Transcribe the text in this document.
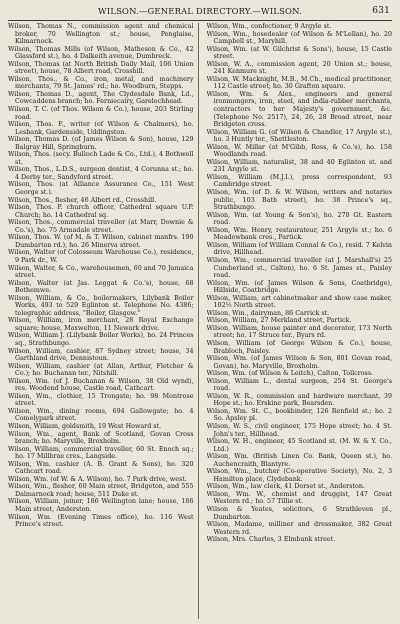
WILSON.—GENERAL DIRECTORY.—WILSON.	631
Wilson, Thomas N., commission agent and chemical broker, 70 Wellington st.; house, Penglaise, Kilmarnock.
Wilson, Thomas Mills (of Wilson, Matheson & Co., 42 Glassford st.), ho. 4 Dalkeith avenue, Dumbreck.
Wilson, Thomas (at North British Daily Mail, 106 Union street), house, 78 Albert road, Crosshill.
Wilson, Thos., & Co., iron, metal, and machinery merchants, 79 St. James' rd.; ho. Woodburn, Stepps.
Wilson, Thomas D., agent, The Clydesdale Bank, Ld., Cowcaddens branch; ho. Ferniecairy, Garelochhead.
Wilson, T. C. (of Thos. Wilson & Co.), house, 203 Stirling road.
Wilson, Thos. F., writer (of Wilson & Chalmers), ho. Lesbank, Gardenside, Uddingston.
Wilson, Thomas D. (of James Wilson & Son), house, 129 Balgray Hill, Springburn.
Wilson, Thos. (secy. Bulloch Lade & Co., Ltd.), 4 Bothwell st.
Wilson, Thos., L.D.S., surgeon dentist, 4 Corunna st.; ho. 4 Derby ter., Sandyford street.
Wilson, Thos. (at Alliance Assurance Co., 151 West George st.).
Wilson, Thos., flesher, 46 Albert rd., Crosshill.
Wilson, Thos. P. church officer, Cathedral square U.P. Church; ho. 14 Cathedral sq.
Wilson, Thos., commercial traveller (at Marr, Downie & Co.'s), ho. 75 Armadale street.
Wilson, Thos. W. (of M. & T. Wilson, cabinet manfrs. 190 Dumbarton rd.), ho. 26 Minerva street.
Wilson, Walter (of Colosseum Warehouse Co.), residence, 9 Park dr., W.
Wilson, Walter, & Co., warehousemen, 60 and 70 Jamaica street.
Wilson, Walter (at Jas. Leggat & Co.'s), house, 68 Bothemwe.
Wilson, William, & Co., boilermakers, Lilybank Boiler Works, 493 to 529 Eglinton st. Telephone No. 4386; telegraphic address, "Boiler, Glasgow."
Wilson, William, iron merchant, 28 Royal Exchange square; house, Maxwelton, 11 Newark drive.
Wilson, William J. (Lilybank Boiler Works), ho. 24 Princes sq., Strathbungo.
Wilson, William, cashier, 87 Sydney street; house, 34 Garthland drive, Dennistoun.
Wilson, William, cashier (at Allan, Arthur, Fletcher & Co.); ho. Buchanan ter., Nitshill.
Wilson, Wm. (of J. Buchanan & Wilson, 38 Old wynd), res. Woodend house, Castle road, Cathcart.
Wilson, Wm., clothier, 15 Trongate; ho. 98 Montrose street.
Wilson, Wm., dining rooms, 694 Gallowgate; ho. 4 Comelypark street.
Wilson, William, goldsmith, 19 West Howard st.
Wilson, Wm., agent, Bank of Scotland, Govan Cross branch; ho. Maryville, Broxholm.
Wilson, William, commercial traveller, 60 St. Enoch sq.; ho. 17 Millbrae cres., Langside.
Wilson, Wm. cashier (A. B. Grant & Sons), ho. 320 Cathcart road.
Wilson, Wm. (of W. & A. Wilson), ho. 7 Park drive, west.
Wilson, Wm., flesher, 60 Main street, Bridgeton, and 555 Dalmarnock road; house, 511 Duke st.
Wilson, William, joiner, 186 Wellington lane; house, 186 Main street, Anderston.
Wilson, Wm. (Evening Times office), ho. 116 West Prince's street.
Wilson, Wm., confectioner, 9 Argyle st.
Wilson, Wm., hosedealer (of Wilson & M'Lellan), ho. 20 Campbell st., Maryhill.
Wilson, Wm. (at W. Gilchrist & Sons'), house, 15 Castle street.
Wilson, W. A., commission agent, 20 Union st.; house, 241 Kenmure st.
Wilson, W. Macknight, M.B., M.Ch., medical practitioner, 112 Castle street; ho. 30 Grafton square.
Wilson, Wm. & Alex., engineers and general ironmongers, iron, steel, and india-rubber merchants, contractors to her Majesty's government, &c. (Telephone No. 2517), 24, 26, 28 Broad street, near Bridgeton cross.
Wilson, William G. (of Wilson & Chandler, 17 Argyle st.), ho. 3 Huntly ter., Shettleston.
Wilson, W. Millar (at M'Gibb, Ross, & Co.'s), ho. 158 Woodlands road.
Wilson, William, naturalist, 38 and 40 Eglinton st. and 231 Argyle st.
Wilson, William (M.J.I.), press correspondent, 93 Cambridge street.
Wilson, Wm. (of D. & W. Wilson, writers and notaries public, 103 Bath street), ho. 38 Prince's sq., Strathbungo.
Wilson, Wm. (at Young & Son's), ho. 270 Gt. Eastern road.
Wilson, Wm. Henry, restaurateur, 251 Argyle st.; ho. 6 Meadowbank cres., Partick.
Wilson, William (of William Connal & Co.), resid. 7 Kelvin drive, Hillhead.
Wilson, Wm., commercial traveller (at J. Marshall's) 25 Cumberland st., Calton), ho. 6 St. James st., Paisley road.
Wilson, Wm. (of James Wilson & Sons, Coatbridge), Hillside, Coatbridge.
Wilson, William, art cabinetmaker and show case maker, 102½ North street.
Wilson, Wm., dairyman, 86 Carrick st.
Wilson, William, 27 Merkland street, Partick.
Wilson, William, house painter and decorator, 173 North street; ho. 17 Struce ter., Byars rd.
Wilson, William (of George Wilson & Co.), house, Brabloch, Paisley.
Wilson, Wm. (of James Wilson & Son, 801 Govan road, Govan), ho. Maryville, Broxholm.
Wilson, Wm. (of Wilson & Leitch), Calton, Tollcross.
Wilson, William L., dental surgeon, 254 St. George's road.
Wilson, W. R., commission and hardware merchant, 39 Hope st.; ho. Erskine park, Bearsden.
Wilson, Wm. St. C., bookbinder, 126 Renfield st.; ho. 2 So. Apsley pl.
Wilson, W. S., civil engineer, 175 Hope street; ho. 4 St. John's ter., Hillhead.
Wilson, W. H., engineer, 45 Scotland st. (M. W. & Y. Co., Ltd.)
Wilson, Wm. (British Linen Co. Bank, Queen st.), ho. Auchencraith, Blantyre.
Wilson, Wm., butcher (Co-operative Society), No. 2, 3 Hamilton place, Clydebank.
Wilson, Wm., law clerk, 41 Dorset st., Anderston.
Wilson, Wm. W., chemist and druggist, 147 Great Western rd.; ho. 57 Tillie st.
Wilson & Yeates, solicitors, 6 Strathleven pl., Dumbarton.
Wilson, Madame, milliner and dressmaker, 382 Great Western rd.
Wilson, Mrs. Charles, 3 Elmbank street.
